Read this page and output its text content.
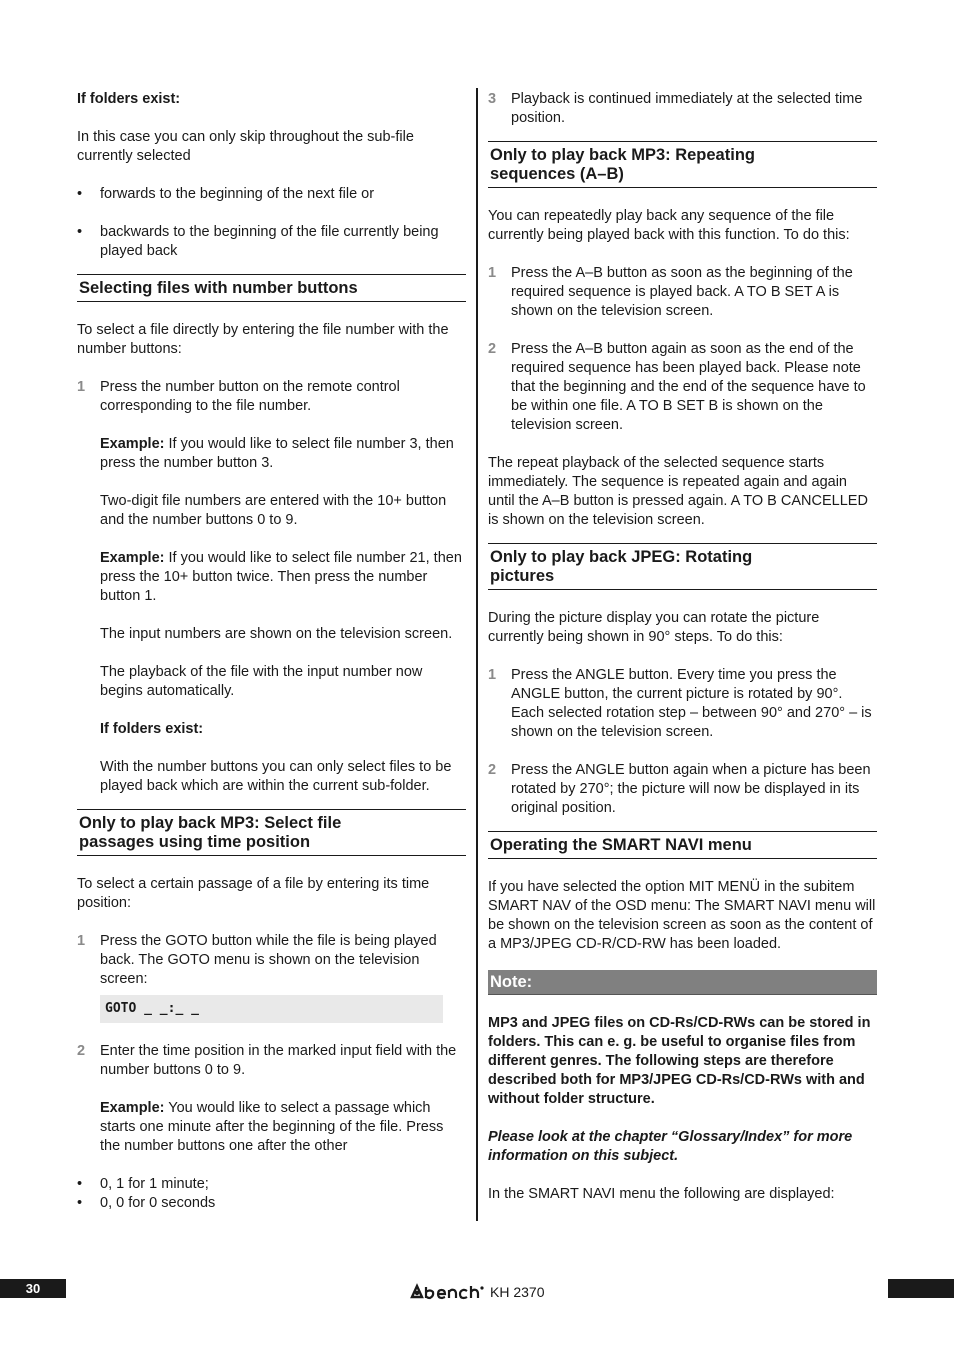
If folders exist:

In this case you can only skip throughout the sub-file currently selected

• forwards to the beginning of the next file or
• backwards to the beginning of the file currently being played back
Selecting files with number buttons

To select a file directly by entering the file number with the number buttons:

1 Press the number button on the remote control corresponding to the file number.
Example: If you would like to select file number 3, then press the number button 3.
Two-digit file numbers are entered with the 10+ button and the number buttons 0 to 9.
Example: If you would like to select file number 21, then press the 10+ button twice. Then press the number button 1.
The input numbers are shown on the television screen.
The playback of the file with the input number now begins automatically.
If folders exist:
With the number buttons you can only select files to be played back which are within the current sub-folder.
Only to play back MP3: Select file
passages using time position

To select a certain passage of a file by entering its time position:

1 Press the GOTO button while the file is being played back. The GOTO menu is shown on the television screen:
GOTO _ _:_ _
2 Enter the time position in the marked input field with the number buttons 0 to 9.
Example: You would like to select a passage which starts one minute after the beginning of the file. Press the number buttons one after the other
• 0, 1 for 1 minute;
• 0, 0 for 0 seconds
3 Playback is continued immediately at the selected time position.
Only to play back MP3: Repeating
sequences (A–B)

You can repeatedly play back any sequence of the file currently being played back with this function. To do this:

1 Press the A–B button as soon as the beginning of the required sequence is played back. A TO B SET A is shown on the television screen.
2 Press the A–B button again as soon as the end of the required sequence has been played back. Please note that the beginning and the end of the sequence have to be within one file. A TO B SET B is shown on the television screen.

The repeat playback of the selected sequence starts immediately. The sequence is repeated again and again until the A–B button is pressed again. A TO B CANCELLED is shown on the television screen.

Only to play back JPEG: Rotating
pictures

During the picture display you can rotate the picture currently being shown in 90° steps. To do this:

1 Press the ANGLE button. Every time you press the ANGLE button, the current picture is rotated by 90°. Each selected rotation step – between 90° and 270° – is shown on the television screen.
2 Press the ANGLE button again when a picture has been rotated by 270°; the picture will now be displayed in its original position.
Operating the SMART NAVI menu

If you have selected the option MIT MENÜ in the subitem SMART NAV of the OSD menu: The SMART NAVI menu will be shown on the television screen as soon as the content of a MP3/JPEG CD-R/CD-RW has been loaded.

Note:

MP3 and JPEG files on CD-Rs/CD-RWs can be stored in folders. This can e. g. be useful to organise files from different genres. The following steps are therefore described both for MP3/JPEG CD-Rs/CD-RWs with and without folder structure.

Please look at the chapter “Glossary/Index” for more information on this subject.

In the SMART NAVI menu the following are displayed:

30	KH 2370
